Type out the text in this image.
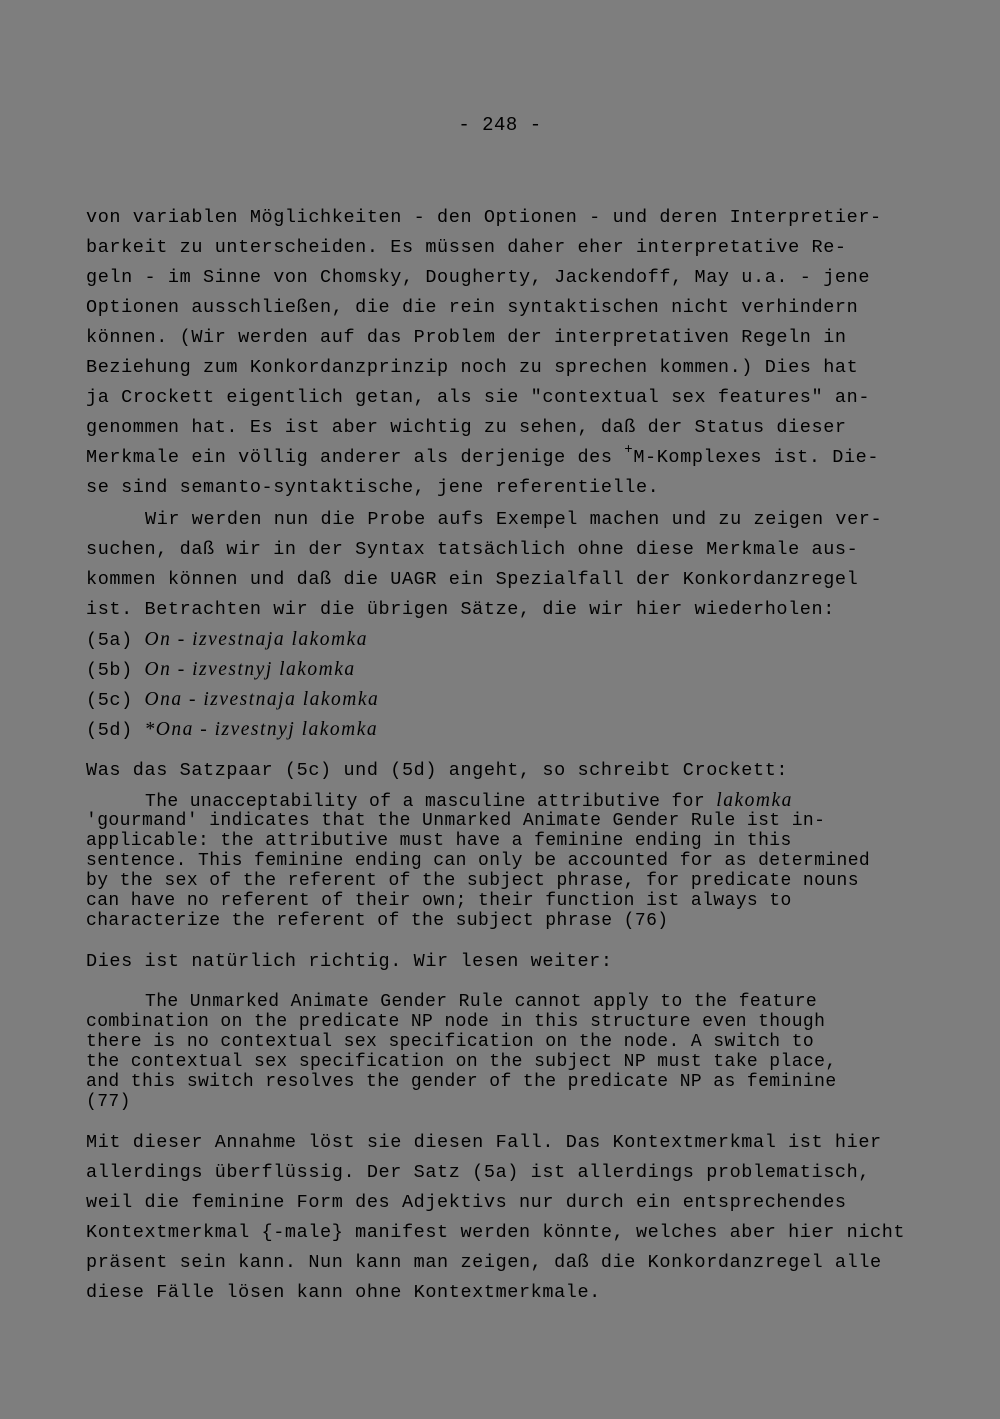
- 248 -
von variablen Möglichkeiten - den Optionen - und deren Interpretier-
barkeit zu unterscheiden. Es müssen daher eher interpretative Re-
geln - im Sinne von Chomsky, Dougherty, Jackendoff, May u.a. - jene
Optionen ausschließen, die die rein syntaktischen nicht verhindern
können. (Wir werden auf das Problem der interpretativen Regeln in
Beziehung zum Konkordanzprinzip noch zu sprechen kommen.) Dies hat
ja Crockett eigentlich getan, als sie "contextual sex features" an-
genommen hat. Es ist aber wichtig zu sehen, daß der Status dieser
Merkmale ein völlig anderer als derjenige des +M-Komplexes ist. Die-
se sind semanto-syntaktische, jene referentielle.
Wir werden nun die Probe aufs Exempel machen und zu zeigen ver-
suchen, daß wir in der Syntax tatsächlich ohne diese Merkmale aus-
kommen können und daß die UAGR ein Spezialfall der Konkordanzregel
ist. Betrachten wir die übrigen Sätze, die wir hier wiederholen:
(5a) On - izvestnaja lakomka
(5b) On - izvestnyj lakomka
(5c) Ona - izvestnaja lakomka
(5d) *Ona - izvestnyj lakomka
Was das Satzpaar (5c) und (5d) angeht, so schreibt Crockett:
The unacceptability of a masculine attributive for lakomka
'gourmand' indicates that the Unmarked Animate Gender Rule ist in-
applicable: the attributive must have a feminine ending in this
sentence. This feminine ending can only be accounted for as determined
by the sex of the referent of the subject phrase, for predicate nouns
can have no referent of their own; their function ist always to
characterize the referent of the subject phrase (76)
Dies ist natürlich richtig. Wir lesen weiter:
The Unmarked Animate Gender Rule cannot apply to the feature
combination on the predicate NP node in this structure even though
there is no contextual sex specification on the node. A switch to
the contextual sex specification on the subject NP must take place,
and this switch resolves the gender of the predicate NP as feminine
(77)
Mit dieser Annahme löst sie diesen Fall. Das Kontextmerkmal ist hier
allerdings überflüssig. Der Satz (5a) ist allerdings problematisch,
weil die feminine Form des Adjektivs nur durch ein entsprechendes
Kontextmerkmal {-male} manifest werden könnte, welches aber hier nicht
präsent sein kann. Nun kann man zeigen, daß die Konkordanzregel alle
diese Fälle lösen kann ohne Kontextmerkmale.
